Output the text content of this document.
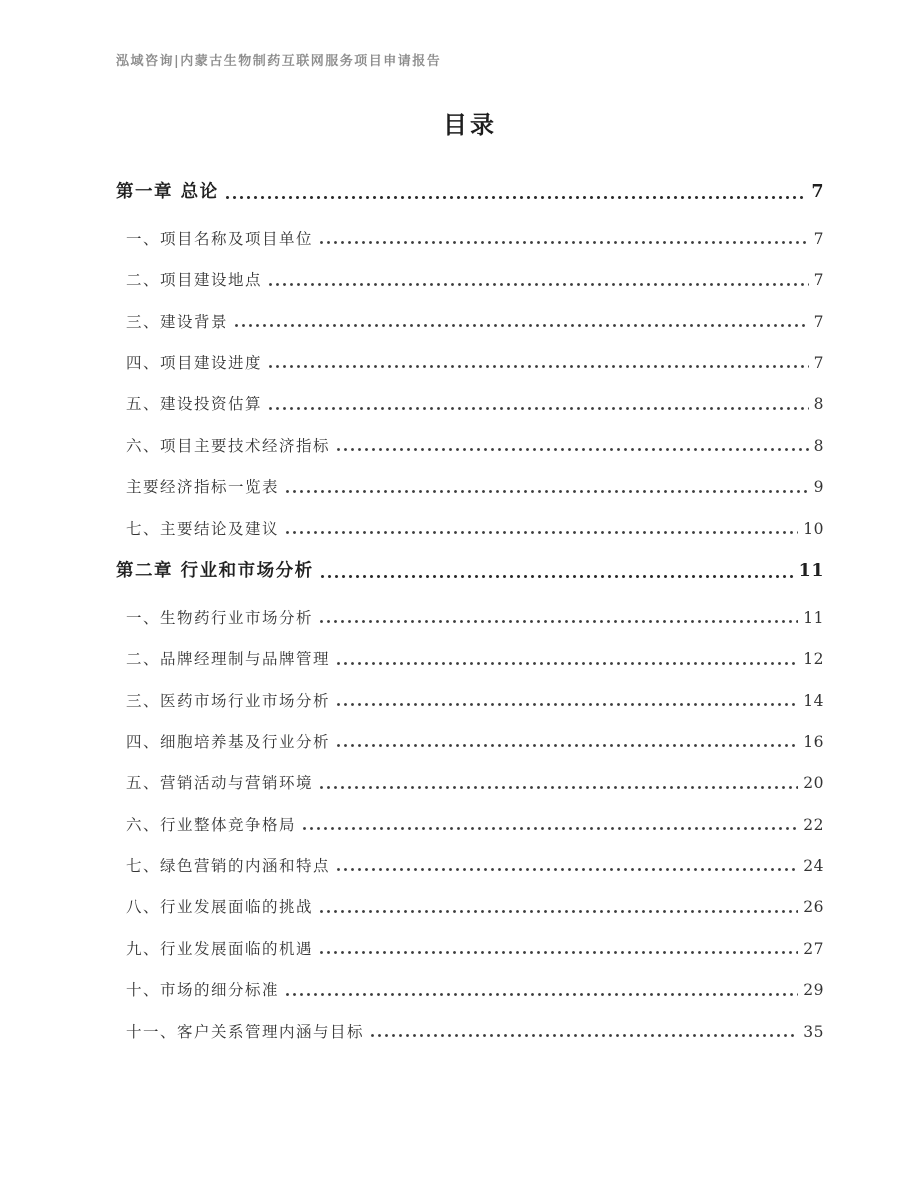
泓域咨询|内蒙古生物制药互联网服务项目申请报告
目录
第一章 总论	7
一、项目名称及项目单位	7
二、项目建设地点	7
三、建设背景	7
四、项目建设进度	7
五、建设投资估算	8
六、项目主要技术经济指标	8
主要经济指标一览表	9
七、主要结论及建议	10
第二章 行业和市场分析	11
一、生物药行业市场分析	11
二、品牌经理制与品牌管理	12
三、医药市场行业市场分析	14
四、细胞培养基及行业分析	16
五、营销活动与营销环境	20
六、行业整体竞争格局	22
七、绿色营销的内涵和特点	24
八、行业发展面临的挑战	26
九、行业发展面临的机遇	27
十、市场的细分标准	29
十一、客户关系管理内涵与目标	35
